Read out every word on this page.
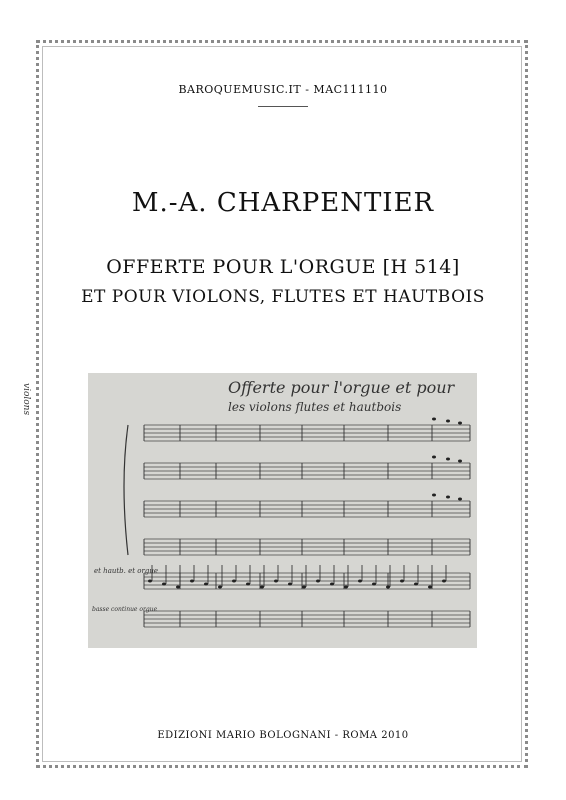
BAROQUEMUSIC.IT - MAC111110
M.-A. CHARPENTIER
OFFERTE POUR L'ORGUE [H 514]
ET POUR VIOLONS, FLUTES ET HAUTBOIS
Offerte pour l'orgue et pour
les violons flutes et hautbois
violons
et hautb. et orgue
basse continue orgue
EDIZIONI MARIO BOLOGNANI - ROMA 2010
